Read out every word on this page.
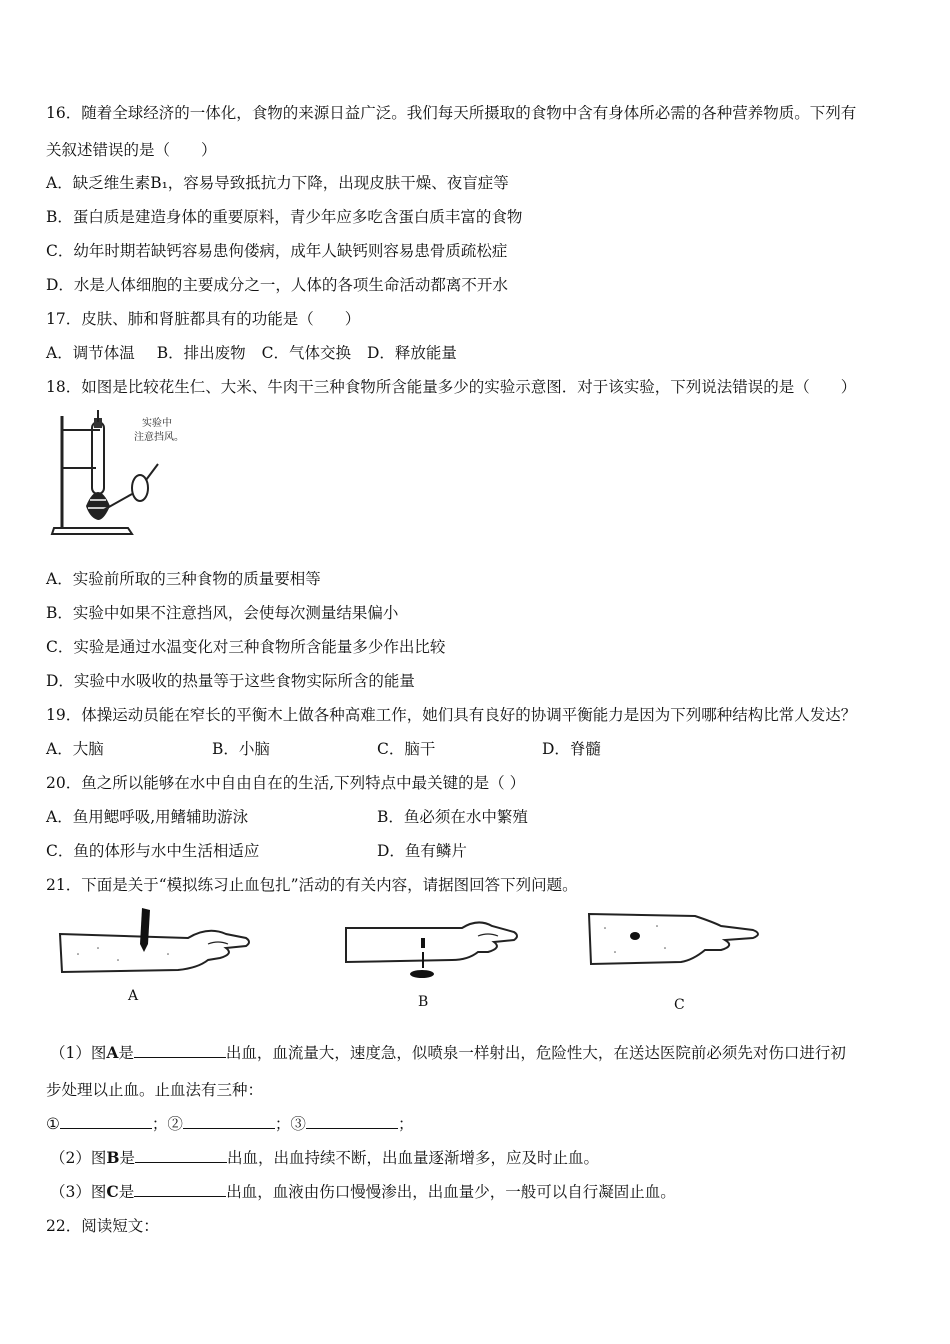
16．随着全球经济的一体化，食物的来源日益广泛。我们每天所摄取的食物中含有身体所必需的各种营养物质。下列有
关叙述错误的是（　　）
A．缺乏维生素B₁，容易导致抵抗力下降，出现皮肤干燥、夜盲症等
B．蛋白质是建造身体的重要原料，青少年应多吃含蛋白质丰富的食物
C．幼年时期若缺钙容易患佝偻病，成年人缺钙则容易患骨质疏松症
D．水是人体细胞的主要成分之一，人体的各项生命活动都离不开水
17．皮肤、肺和肾脏都具有的功能是（　　）
A．调节体温 B．排出废物 C．气体交换 D．释放能量
18．如图是比较花生仁、大米、牛肉干三种食物所含能量多少的实验示意图．对于该实验，下列说法错误的是（　　）
实验中
注意挡风。
A．实验前所取的三种食物的质量要相等
B．实验中如果不注意挡风，会使每次测量结果偏小
C．实验是通过水温变化对三种食物所含能量多少作出比较
D．实验中水吸收的热量等于这些食物实际所含的能量
19．体操运动员能在窄长的平衡木上做各种高难工作，她们具有良好的协调平衡能力是因为下列哪种结构比常人发达？
A．大脑	B．小脑	C．脑干	D．脊髓
20．鱼之所以能够在水中自由自在的生活,下列特点中最关键的是（ ）
A．鱼用鳃呼吸,用鳍辅助游泳	B．鱼必须在水中繁殖
C．鱼的体形与水中生活相适应	D．鱼有鳞片
21．下面是关于“模拟练习止血包扎”活动的有关内容，请据图回答下列问题。
A	B	C
（1）图A是	出血，血流量大，速度急，似喷泉一样射出，危险性大，在送达医院前必须先对伤口进行初
步处理以止血。止血法有三种：
①	；②	；③	；
（2）图B是	出血，出血持续不断，出血量逐渐增多，应及时止血。
（3）图C是	出血，血液由伤口慢慢渗出，出血量少，一般可以自行凝固止血。
22．阅读短文：
